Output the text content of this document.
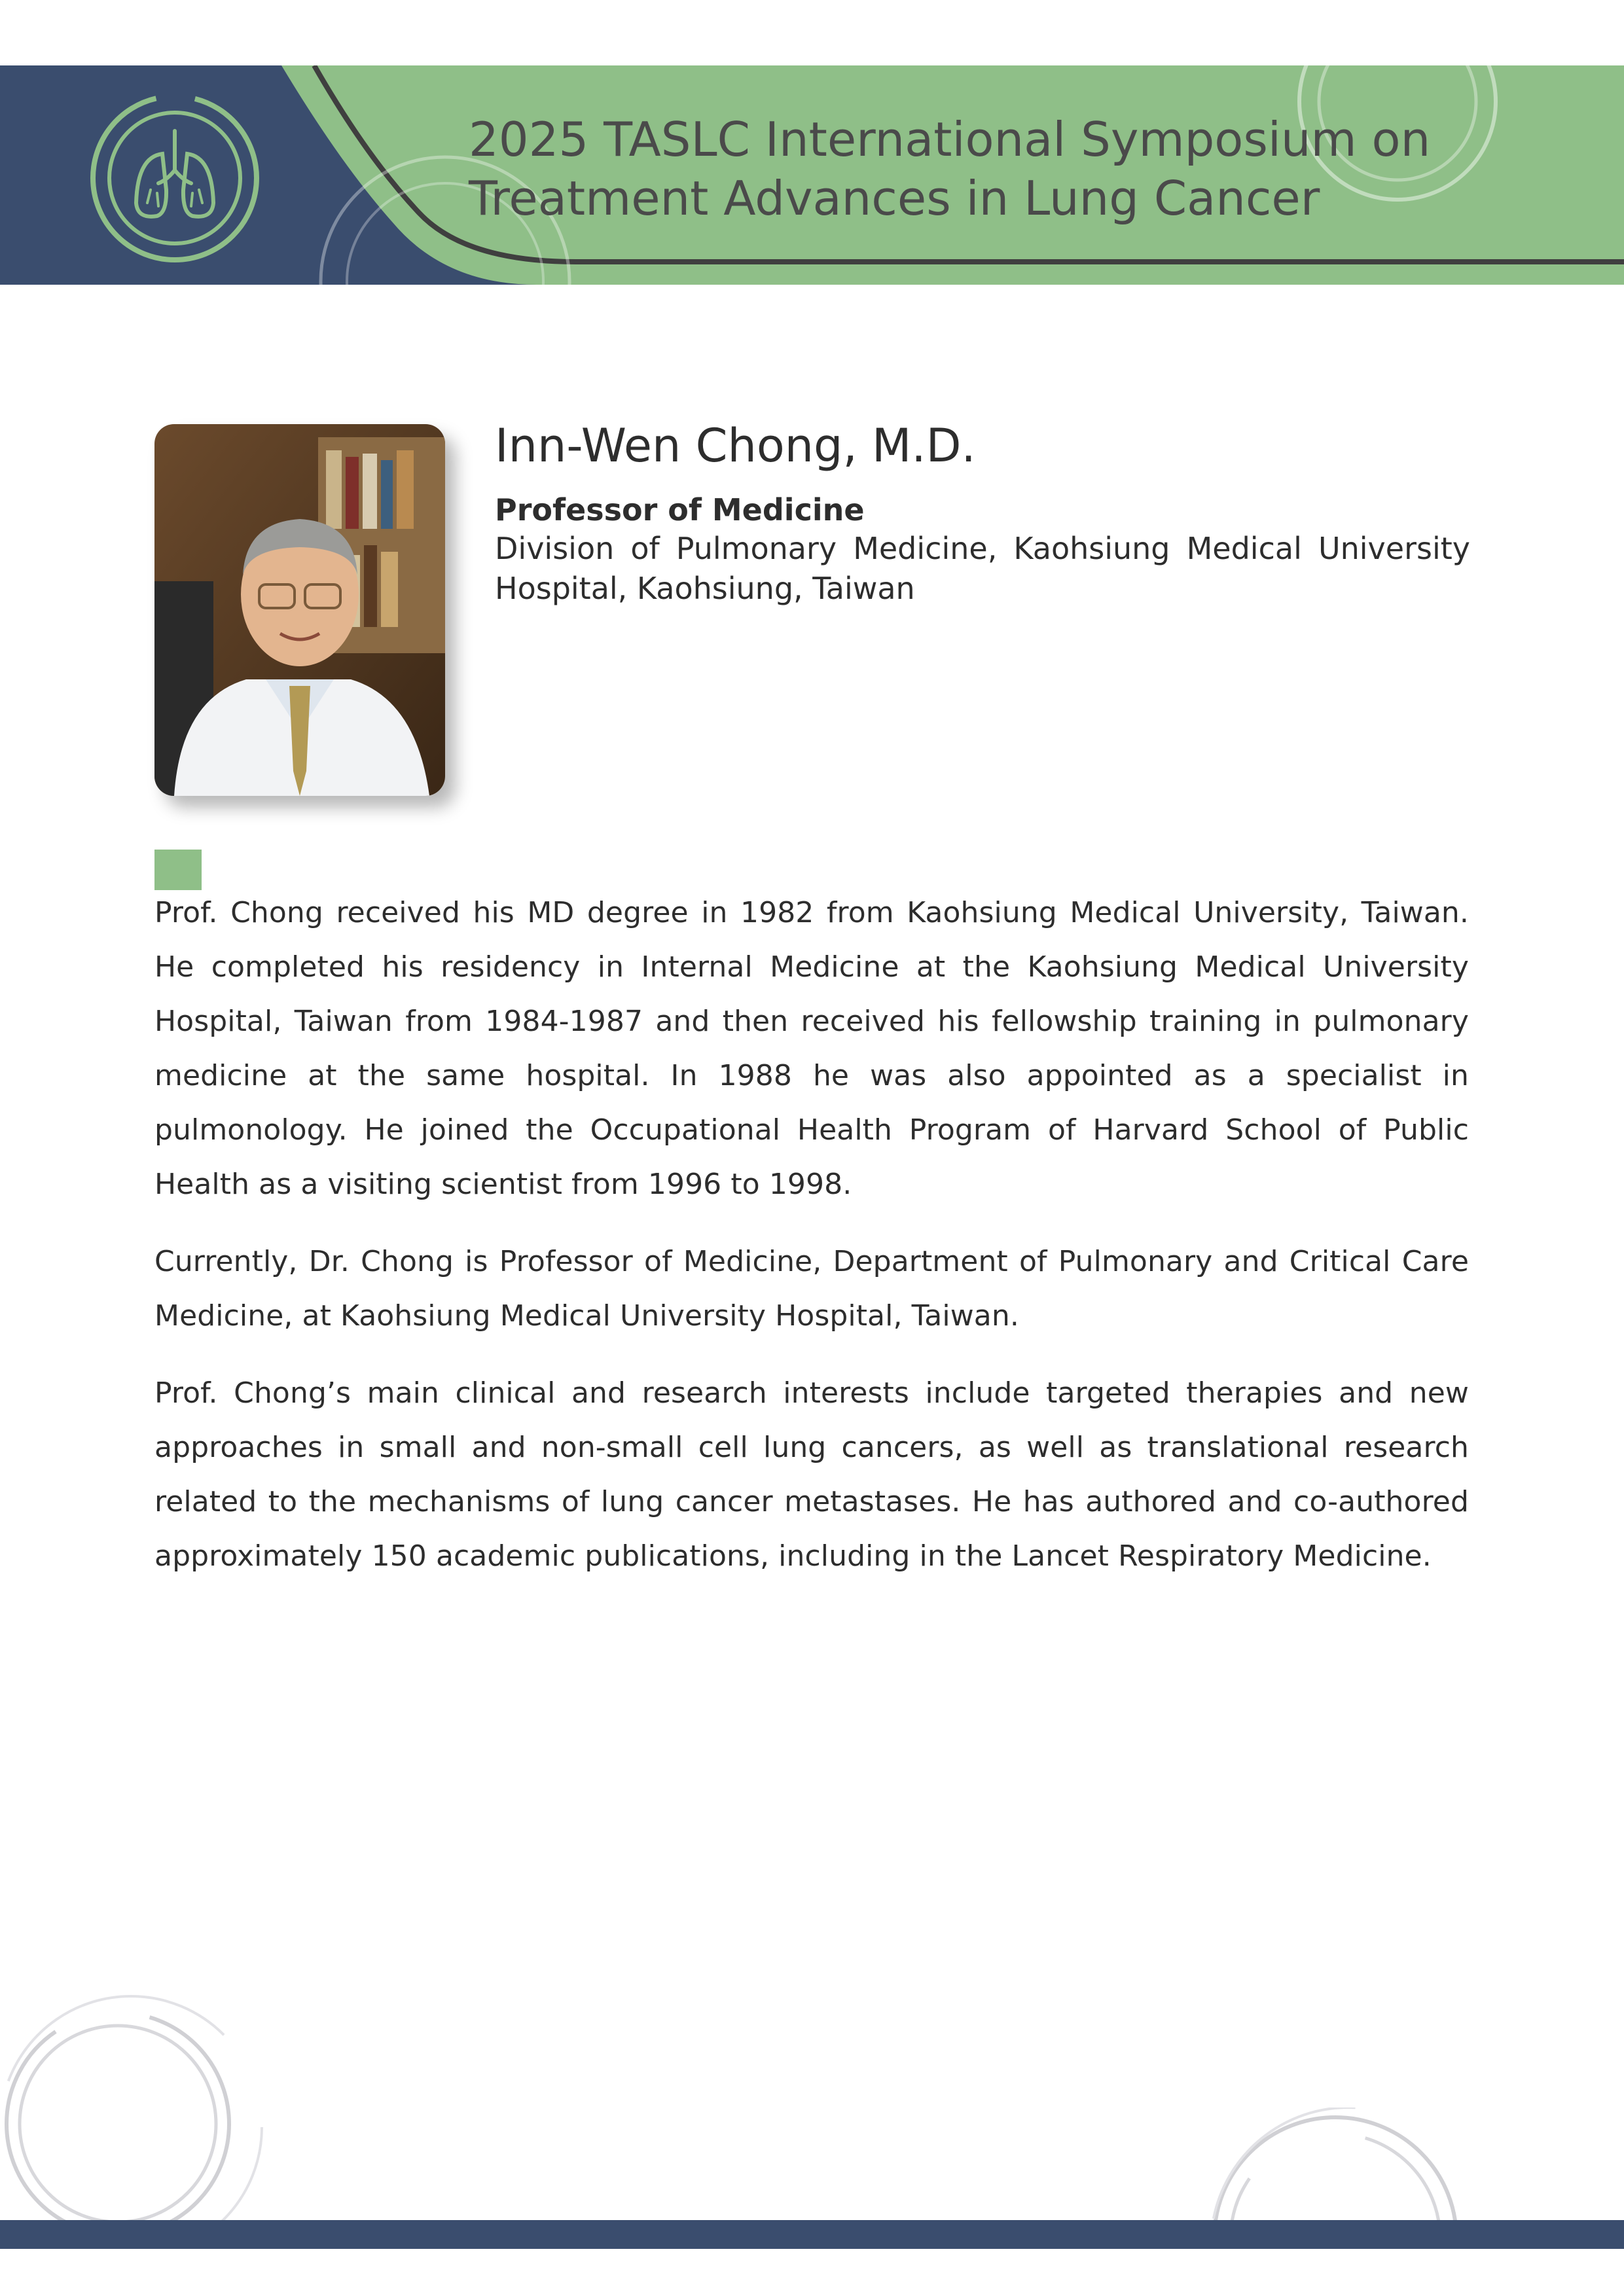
2025 TASLC International Symposium on
Treatment Advances in Lung Cancer
Inn-Wen Chong, M.D.

Professor of Medicine

Division of Pulmonary Medicine, Kaohsiung Medical University Hospital, Kaohsiung, Taiwan

Prof. Chong received his MD degree in 1982 from Kaohsiung Medical University, Taiwan. He completed his residency in Internal Medicine at the Kaohsiung Medical University Hospital, Taiwan from 1984-1987 and then received his fellowship training in pulmonary medicine at the same hospital. In 1988 he was also appointed as a specialist in pulmonology. He joined the Occupational Health Program of Harvard School of Public Health as a visiting scientist from 1996 to 1998.

Currently, Dr. Chong is Professor of Medicine, Department of Pulmonary and Critical Care Medicine, at Kaohsiung Medical University Hospital, Taiwan.

Prof. Chong’s main clinical and research interests include targeted therapies and new approaches in small and non-small cell lung cancers, as well as translational research related to the mechanisms of lung cancer metastases. He has authored and co-authored approximately 150 academic publications, including in the Lancet Respiratory Medicine.
